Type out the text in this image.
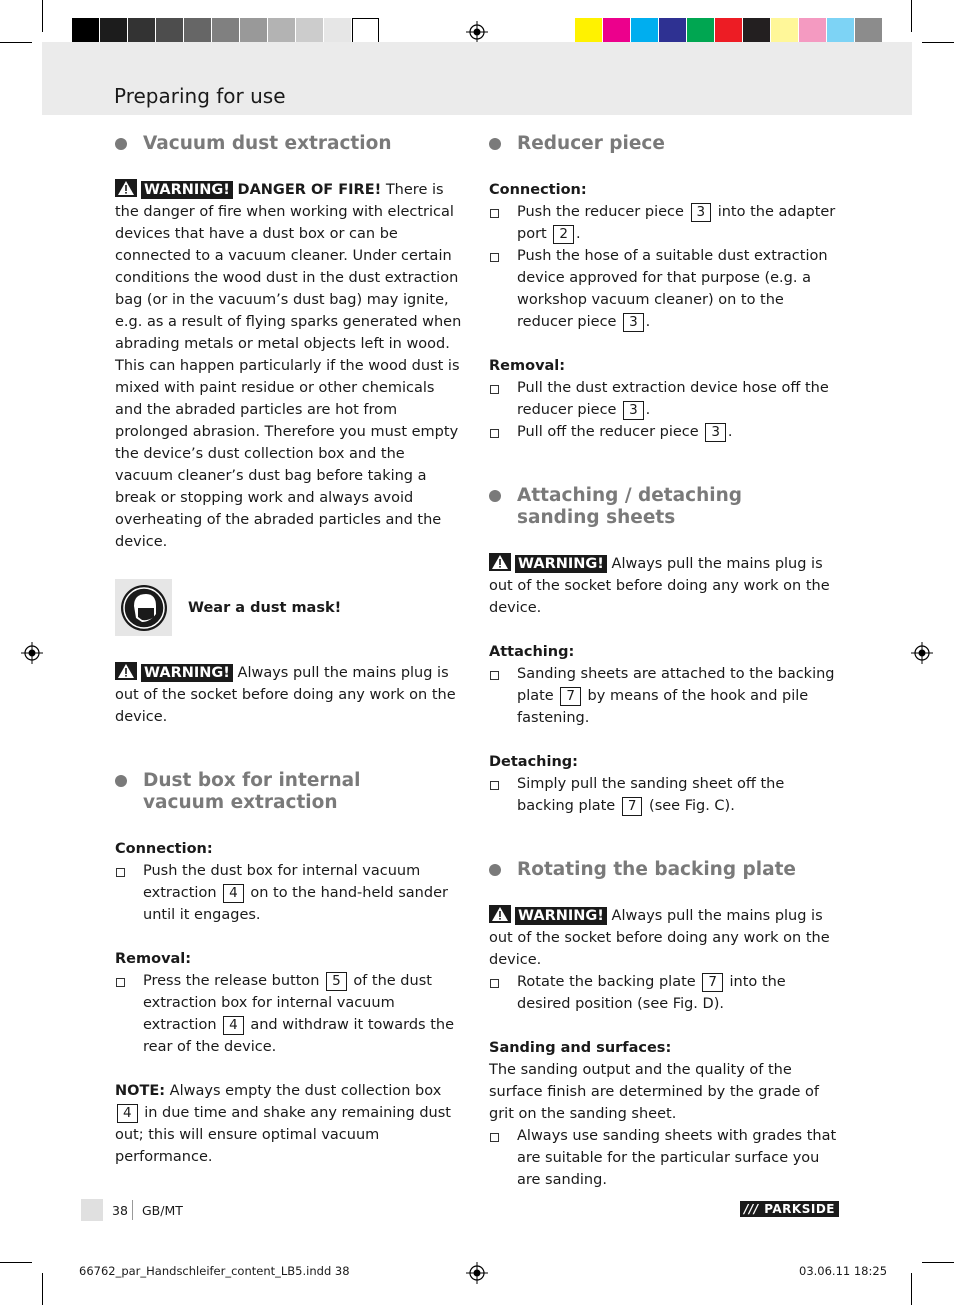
Preparing for use
Vacuum dust extraction

WARNING! DANGER OF FIRE! There is the danger of fire when working with electrical devices that have a dust box or can be connected to a vacuum cleaner. Under certain conditions the wood dust in the dust extraction bag (or in the vacuum’s dust bag) may ignite, e.g. as a result of flying sparks generated when abrading metals or metal objects left in wood. This can happen particularly if the wood dust is mixed with paint residue or other chemicals and the abraded particles are hot from prolonged abrasion. Therefore you must empty the device’s dust collection box and the vacuum cleaner’s dust bag before taking a break or stopping work and always avoid overheating of the abraded particles and the device.

Wear a dust mask!

WARNING! Always pull the mains plug is out of the socket before doing any work on the device.

Dust box for internal
vacuum extraction

Connection:

Push the dust box for internal vacuum extraction 4 on to the hand-held sander until it engages.

Removal:

Press the release button 5 of the dust extraction box for internal vacuum extraction 4 and withdraw it towards the rear of the device.

NOTE: Always empty the dust collection box 4 in due time and shake any remaining dust out; this will ensure optimal vacuum performance.

Reducer piece

Connection:

Push the reducer piece 3 into the adapter port 2 .
Push the hose of a suitable dust extraction device approved for that purpose (e.g. a workshop vacuum cleaner) on to the reducer piece 3 .

Removal:

Pull the dust extraction device hose off the reducer piece 3 .
Pull off the reducer piece 3 .
Attaching / detaching
sanding sheets

WARNING! Always pull the mains plug is out of the socket before doing any work on the device.

Attaching:

Sanding sheets are attached to the backing plate 7 by means of the hook and pile fastening.

Detaching:

Simply pull the sanding sheet off the backing plate 7 (see Fig. C).
Rotating the backing plate

WARNING! Always pull the mains plug is out of the socket before doing any work on the device.

Rotate the backing plate 7 into the desired position (see Fig. D).

Sanding and surfaces:

The sanding output and the quality of the surface finish are determined by the grade of grit on the sanding sheet.

Always use sanding sheets with grades that are suitable for the particular surface you are sanding.
38 GB/MT	/// PARKSIDE
66762_par_Handschleifer_content_LB5.indd 38	03.06.11 18:25
